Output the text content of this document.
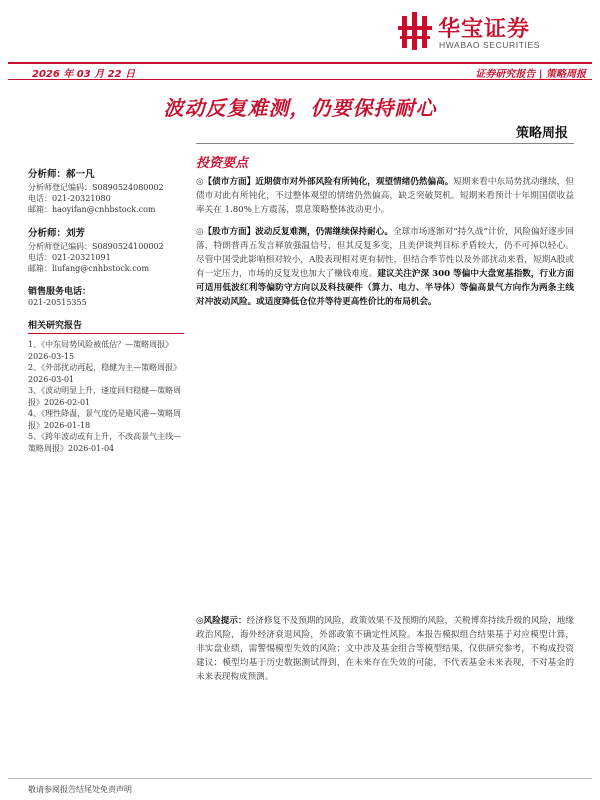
华宝证券
HWABAO SECURITIES
2026 年 03 月 22 日	证券研究报告 | 策略周报
波动反复难测，仍要保持耐心
策略周报
分析师：郝一凡
分析师登记编码： S0890524080002
电话： 021-20321080
邮箱： haoyifan@cnhbstock.com
分析师：刘芳
分析师登记编码： S0890524100002
电话： 021-20321091
邮箱： liufang@cnhbstock.com
销售服务电话：
021-20515355
相关研究报告
1、《中东局势风险被低估？—策略周报》2026-03-15
2、《外部扰动再起，稳健为主—策略周报》2026-03-01
3、《波动明显上升，逢度回归稳健—策略周报》2026-02-01
4、《理性降温，景气度仍是避风港—策略周报》2026-01-18
5、《跨年波动或有上升，不改高景气主线—策略周报》2026-01-04
投资要点

◎【债市方面】近期债市对外部风险有所钝化，观望情绪仍然偏高。短期来看中东局势扰动继续，但债市对此有所钝化，不过整体观望的情绪仍然偏高，缺乏突破契机。短期来看预计十年期国债收益率关在 1.80%上方震荡，票息策略整体波动更小。

◎【股市方面】波动反复难测，仍需继续保持耐心。全球市场逐渐对“持久战”计价，风险偏好逐步回落，特朗普再五发言释放强温信号，但其反复多变，且美伊谈判目标矛盾较大，仍不可掉以轻心。尽管中国受此影响相对较小，A股表现相对更有韧性，但结合季节性以及外部扰动来看，短期A股或有一定压力，市场的反复发也加大了赚钱难度。建议关注沪深 300 等偏中大盘宽基指数，行业方面可适用低波红利等偏防守方向以及科技硬件（算力、电力、半导体）等偏高景气方向作为两条主线对冲波动风险。或适度降低仓位并等待更高性价比的布局机会。

◎风险提示：经济修复不及预期的风险，政策效果不及预期的风险，关税博弈持续升级的风险，地缘政治风险，海外经济衰退风险，外部政策不确定性风险。本报告模拟组合结果基于对应模型计算，非实盘业绩，需警惕模型失效的风险；文中涉及基金组合等模型结果，仅供研究参考，不构成投资建议；模型均基于历史数据测试得到，在未来存在失效的可能，不代表基金未来表现，不对基金的未来表现构成预测。
敬请参阅报告结尾处免责声明
